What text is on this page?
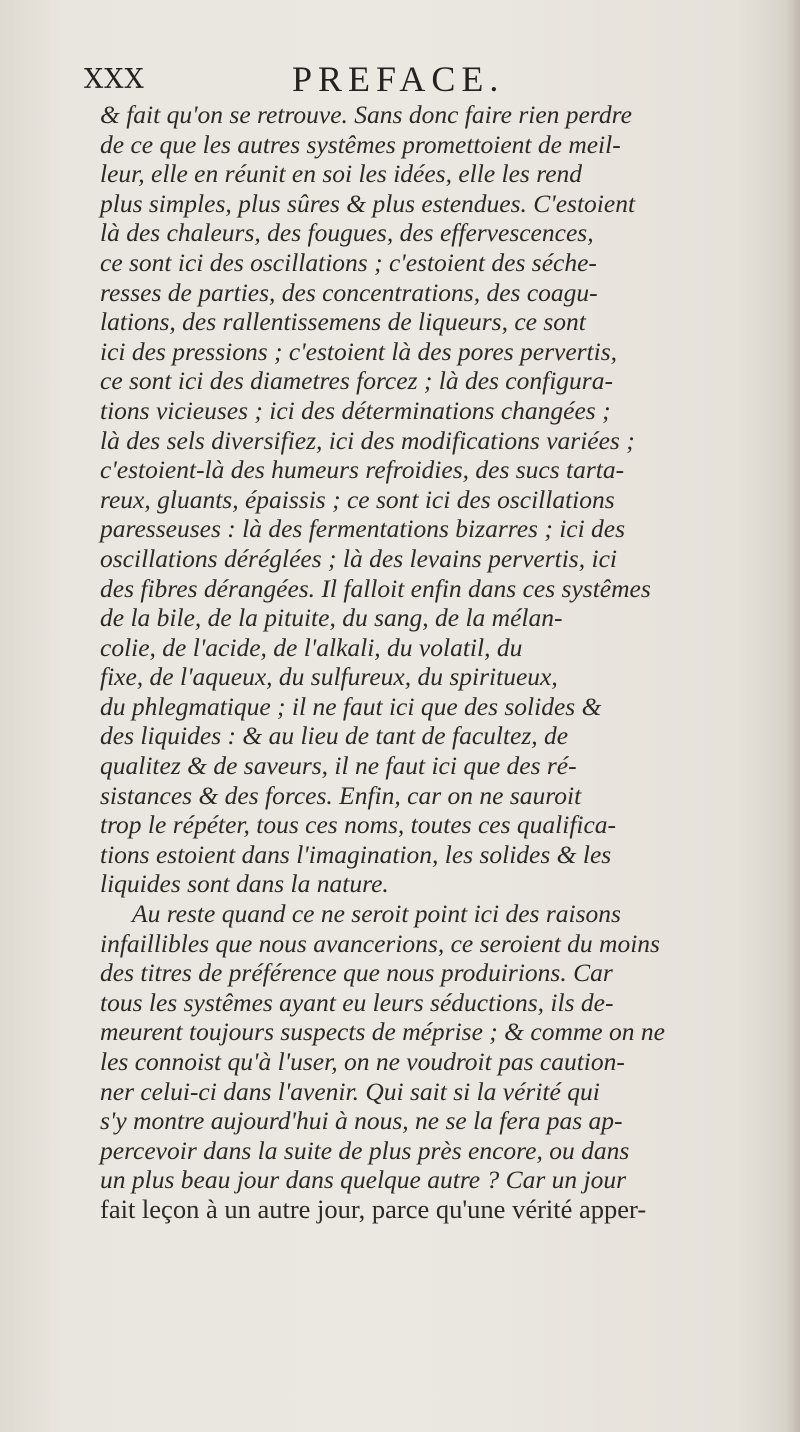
XXX	PREFACE.
& fait qu'on se retrouve. Sans donc faire rien perdre
de ce que les autres systêmes promettoient de meil-
leur, elle en réunit en soi les idées, elle les rend
plus simples, plus sûres & plus estendues. C'estoient
là des chaleurs, des fougues, des effervescences,
ce sont ici des oscillations ; c'estoient des séche-
resses de parties, des concentrations, des coagu-
lations, des rallentissemens de liqueurs, ce sont
ici des pressions ; c'estoient là des pores pervertis,
ce sont ici des diametres forcez ; là des configura-
tions vicieuses ; ici des déterminations changées ;
là des sels diversifiez, ici des modifications variées ;
c'estoient-là des humeurs refroidies, des sucs tarta-
reux, gluants, épaissis ; ce sont ici des oscillations
paresseuses : là des fermentations bizarres ; ici des
oscillations déréglées ; là des levains pervertis, ici
des fibres dérangées. Il falloit enfin dans ces systêmes
de la bile, de la pituite, du sang, de la mélan-
colie, de l'acide, de l'alkali, du volatil, du
fixe, de l'aqueux, du sulfureux, du spiritueux,
du phlegmatique ; il ne faut ici que des solides &
des liquides : & au lieu de tant de facultez, de
qualitez & de saveurs, il ne faut ici que des ré-
sistances & des forces. Enfin, car on ne sauroit
trop le répéter, tous ces noms, toutes ces qualifica-
tions estoient dans l'imagination, les solides & les
liquides sont dans la nature.
Au reste quand ce ne seroit point ici des raisons
infaillibles que nous avancerions, ce seroient du moins
des titres de préférence que nous produirions. Car
tous les systêmes ayant eu leurs séductions, ils de-
meurent toujours suspects de méprise ; & comme on ne
les connoist qu'à l'user, on ne voudroit pas caution-
ner celui-ci dans l'avenir. Qui sait si la vérité qui
s'y montre aujourd'hui à nous, ne se la fera pas ap-
percevoir dans la suite de plus près encore, ou dans
un plus beau jour dans quelque autre ? Car un jour
fait leçon à un autre jour, parce qu'une vérité apper-
